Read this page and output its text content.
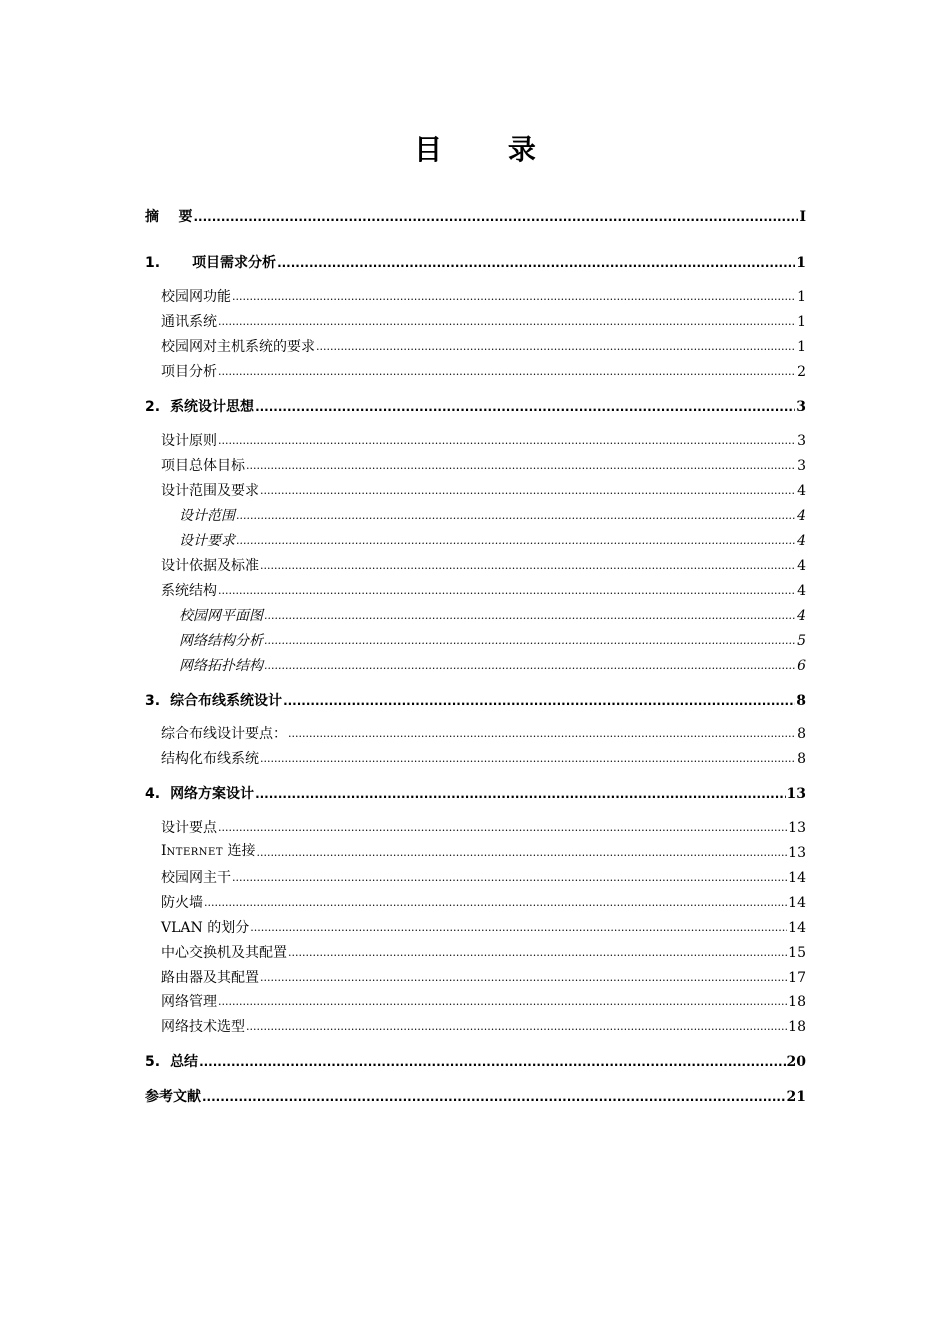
目 录
摘    要 .....	I
1. 项目需求分析 .....	1
校园网功能 .....	1
通讯系统 .....	1
校园网对主机系统的要求 .....	1
项目分析 .....	2
2. 系统设计思想 .....	3
设计原则 .....	3
项目总体目标 .....	3
设计范围及要求 .....	4
设计范围 .....	4
设计要求 .....	4
设计依据及标准 .....	4
系统结构 .....	4
校园网平面图 .....	4
网络结构分析 .....	5
网络拓扑结构 .....	6
3. 综合布线系统设计 .....	8
综合布线设计要点： .....	8
结构化布线系统 .....	8
4. 网络方案设计 .....	13
设计要点 .....	13
INTERNET 连接 .....	13
校园网主干 .....	14
防火墙 .....	14
VLAN 的划分 .....	14
中心交换机及其配置 .....	15
路由器及其配置 .....	17
网络管理 .....	18
网络技术选型 .....	18
5. 总结 .....	20
参考文献 .....	21
